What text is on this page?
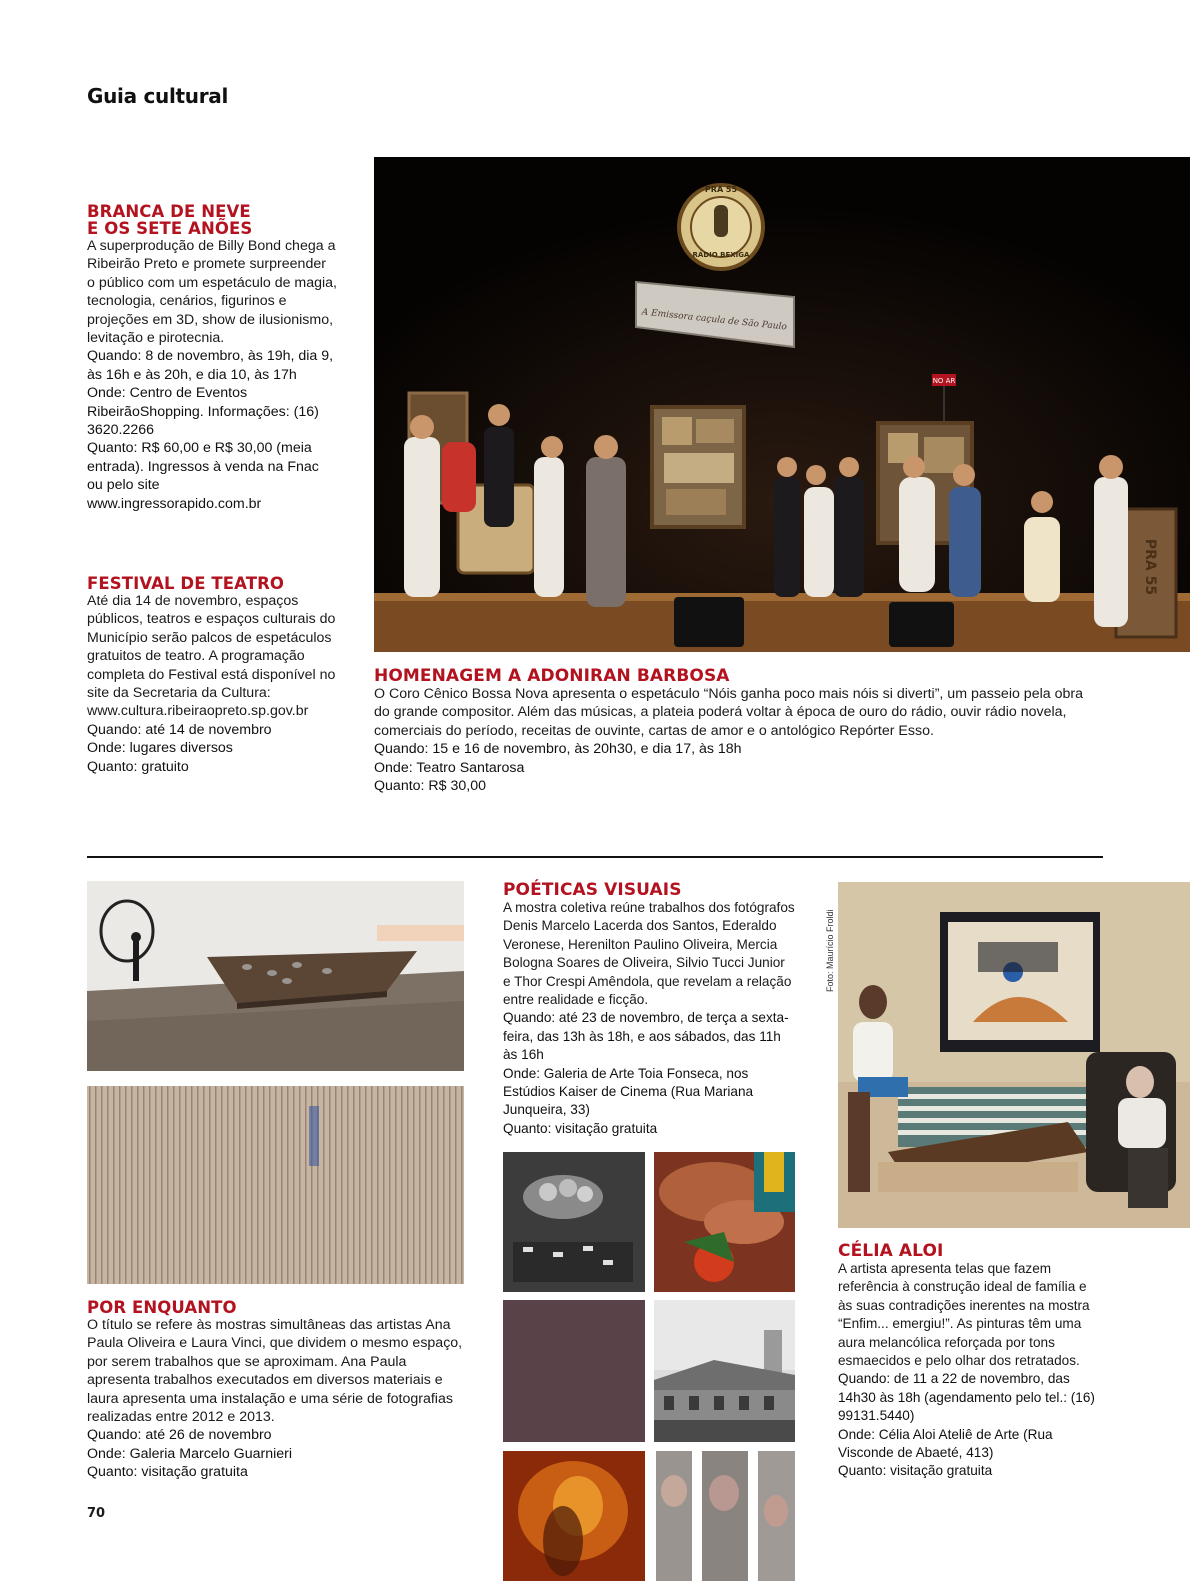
Guia cultural

BRANCA DE NEVE

E OS SETE ANÕES

A superprodução de Billy Bond chega a Ribeirão Preto e promete surpreender o público com um espetáculo de magia, tecnologia, cenários, figurinos e projeções em 3D, show de ilusionismo, levitação e pirotecnia.

Quando: 8 de novembro, às 19h, dia 9, às 16h e às 20h, e dia 10, às 17h

Onde: Centro de Eventos RibeirãoShopping. Informações: (16) 3620.2266

Quanto: R$ 60,00 e R$ 30,00 (meia entrada). Ingressos à venda na Fnac ou pelo site www.ingressorapido.com.br

FESTIVAL DE TEATRO

Até dia 14 de novembro, espaços públicos, teatros e espaços culturais do Município serão palcos de espetáculos gratuitos de teatro. A programação completa do Festival está disponível no site da Secretaria da Cultura: www.cultura.ribeiraopreto.sp.gov.br

Quando: até 14 de novembro

Onde: lugares diversos

Quanto: gratuito

PRA 55
RÁDIO BEXIGA
A Emissora caçula de São Paulo
NO AR
PRA 55

HOMENAGEM A ADONIRAN BARBOSA

O Coro Cênico Bossa Nova apresenta o espetáculo “Nóis ganha poco mais nóis si diverti”, um passeio pela obra do grande compositor. Além das músicas, a plateia poderá voltar à época de ouro do rádio, ouvir rádio novela, comerciais do período, receitas de ouvinte, cartas de amor e o antológico Repórter Esso.

Quando: 15 e 16 de novembro, às 20h30, e dia 17, às 18h

Onde: Teatro Santarosa

Quanto: R$ 30,00

POR ENQUANTO

O título se refere às mostras simultâneas das artistas Ana Paula Oliveira e Laura Vinci, que dividem o mesmo espaço, por serem trabalhos que se aproximam. Ana Paula apresenta trabalhos executados em diversos materiais e laura apresenta uma instalação e uma série de fotografias realizadas entre 2012 e 2013.

Quando: até 26 de novembro

Onde: Galeria Marcelo Guarnieri

Quanto: visitação gratuita

70

POÉTICAS VISUAIS

A mostra coletiva reúne trabalhos dos fotógrafos Denis Marcelo Lacerda dos Santos, Ederaldo Veronese, Herenilton Paulino Oliveira, Mercia Bologna Soares de Oliveira, Silvio Tucci Junior e Thor Crespi Amêndola, que revelam a relação entre realidade e ficção.

Quando: até 23 de novembro, de terça a sexta-feira, das 13h às 18h, e aos sábados, das 11h às 16h

Onde: Galeria de Arte Toia Fonseca, nos Estúdios Kaiser de Cinema (Rua Mariana Junqueira, 33)

Quanto: visitação gratuita

Foto: Maurício Froldi

CÉLIA ALOI

A artista apresenta telas que fazem referência à construção ideal de família e às suas contradições inerentes na mostra “Enfim... emergiu!”. As pinturas têm uma aura melancólica reforçada por tons esmaecidos e pelo olhar dos retratados.

Quando: de 11 a 22 de novembro, das 14h30 às 18h (agendamento pelo tel.: (16) 99131.5440)

Onde: Célia Aloi Ateliê de Arte (Rua Visconde de Abaeté, 413)

Quanto: visitação gratuita
